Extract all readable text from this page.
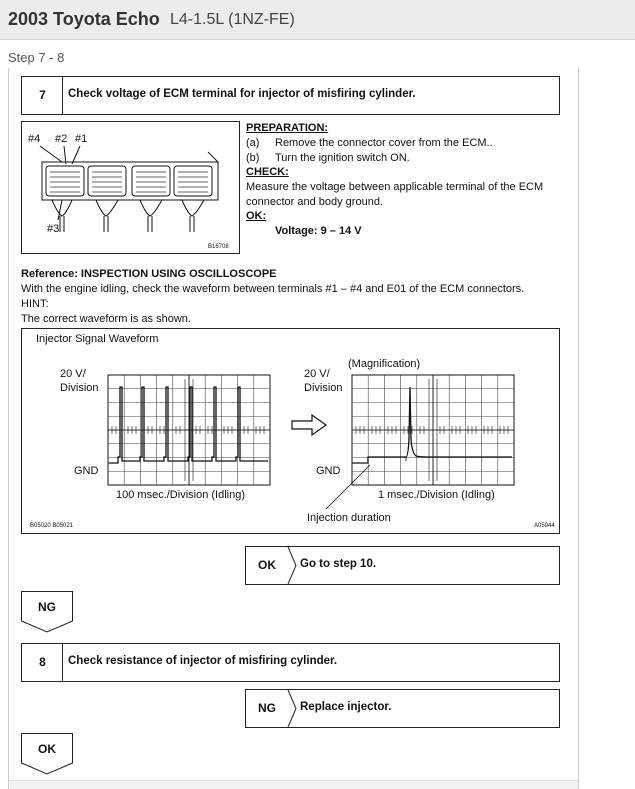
2003 Toyota Echo L4-1.5L (1NZ-FE)
Step 7 - 8
7	Check voltage of ECM terminal for injector of misfiring cylinder.
#4 #2 #1
#3
B16708
PREPARATION:
(a) Remove the connector cover from the ECM..
(b) Turn the ignition switch ON.
CHECK:
Measure the voltage between applicable terminal of the ECM
connector and body ground.
OK:
Voltage: 9 – 14 V
Reference: INSPECTION USING OSCILLOSCOPE
With the engine idling, check the waveform between terminals #1 – #4 and E01 of the ECM connectors.
HINT:
The correct waveform is as shown.
Injector Signal Waveform
20 V/
Division
GND
100 msec./Division (Idling)
(Magnification)
20 V/
Division
GND
1 msec./Division (Idling)
Injection duration
B05020 B05021	A05944
OK	Go to step 10.
NG
8	Check resistance of injector of misfiring cylinder.
NG	Replace injector.
OK
